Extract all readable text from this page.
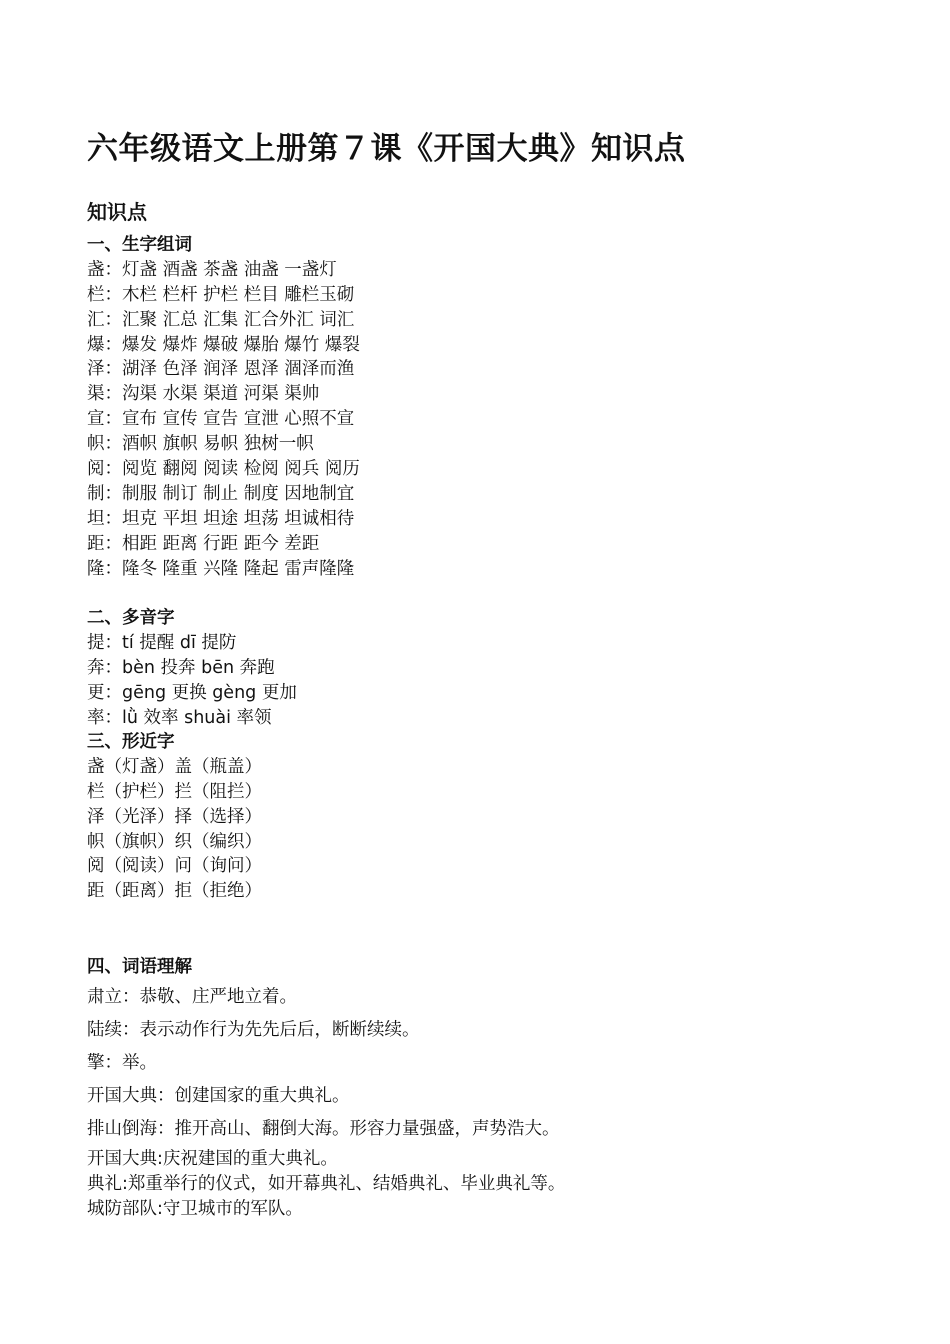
六年级语文上册第７课《开国大典》知识点
知识点
一、生字组词
盏：灯盏 酒盏 茶盏 油盏 一盏灯
栏：木栏 栏杆 护栏 栏目 雕栏玉砌
汇：汇聚 汇总 汇集 汇合外汇 词汇
爆：爆发 爆炸 爆破 爆胎 爆竹 爆裂
泽：湖泽 色泽 润泽 恩泽 涸泽而渔
渠：沟渠 水渠 渠道 河渠 渠帅
宣：宣布 宣传 宣告 宣泄 心照不宣
帜：酒帜 旗帜 易帜 独树一帜
阅：阅览 翻阅 阅读 检阅 阅兵 阅历
制：制服 制订 制止 制度 因地制宜
坦：坦克 平坦 坦途 坦荡 坦诚相待
距：相距 距离 行距 距今 差距
隆：隆冬 隆重 兴隆 隆起 雷声隆隆
二、多音字
提：tí 提醒 dī 提防
奔：bèn 投奔 bēn 奔跑
更：gēng 更换 gèng 更加
率：lǜ 效率 shuài 率领
三、形近字
盏（灯盏）盖（瓶盖）
栏（护栏）拦（阻拦）
泽（光泽）择（选择）
帜（旗帜）织（编织）
阅（阅读）问（询问）
距（距离）拒（拒绝）
四、词语理解
肃立：恭敬、庄严地立着。
陆续：表示动作行为先先后后，断断续续。
擎：举。
开国大典：创建国家的重大典礼。
排山倒海：推开高山、翻倒大海。形容力量强盛，声势浩大。
开国大典:庆祝建国的重大典礼。
典礼:郑重举行的仪式，如开幕典礼、结婚典礼、毕业典礼等。
城防部队:守卫城市的军队。
